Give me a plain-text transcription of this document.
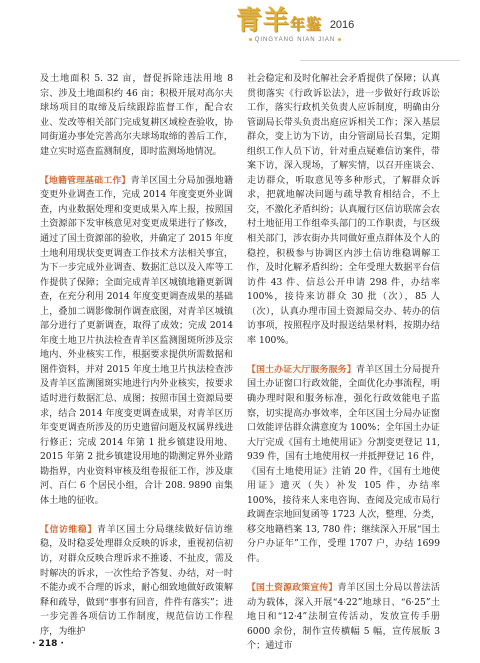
青羊年鉴 2016
QINGYANG NIAN JIAN

及土地面积 5. 32 亩，督促拆除违法用地 8 宗、涉及土地面积约 46 亩；积极开展对高尔夫球场项目的取缔及后续跟踪监督工作，配合农业、发改等相关部门完成复耕区域检查验收，协同街道办事处完善高尔夫球场取缔的善后工作，建立实时巡查监测制度，即时监测场地情况。

【地籍管理基础工作】青羊区国土分局加强地籍变更外业调查工作，完成 2014 年度变更外业调查，内业数据处理和变更成果入库上报，按照国土资源部下发审核意见对变更成果进行了修改，通过了国土资源部的验收，并确定了 2015 年度土地利用现状变更调查工作技术方法相关事宜，为下一步完成外业调查、数据汇总以及入库等工作提供了保障；全面完成青羊区城镇地籍更新调查，在充分利用 2014 年度变更调查成果的基础上，叠加二调影像制作调查底图，对青羊区城镇部分进行了更新调查，取得了成效；完成 2014 年度土地卫片执法检查青羊区监测图斑所涉及宗地内、外业核实工作，根据要求提供所需数据和图件资料，并对 2015 年度土地卫片执法检查涉及青羊区监测图斑实地进行内外业核实，按要求适时进行数据汇总、成图；按照市国土资源局要求，结合 2014 年度变更调查成果，对青羊区历年变更调查所涉及的历史遗留问题及权属界线进行修正；完成 2014 年第 1 批乡镇建设用地、2015 年第 2 批乡镇建设用地的勘测定界外业踏勘指界，内业资料审核及组卷报征工作，涉及康河、百仁 6 个居民小组，合计 208. 9890 亩集体土地的征收。

【信访维稳】青羊区国土分局继续做好信访维稳，及时稳妥处理群众反映的诉求，重视初信初访，对群众反映合理诉求不推诿、不扯皮，需及时解决的诉求，一次性给予答复、办结，对一时不能办或不合理的诉求，耐心细致地做好政策解释和疏导，做到“事事有回音，件件有落实”；进一步完善各项信访工作制度，规范信访工作程序，为维护

社会稳定和及时化解社会矛盾提供了保障；认真贯彻落实《行政诉讼法》，进一步做好行政诉讼工作，落实行政机关负责人应诉制度，明确由分管副局长带头负责出庭应诉相关工作；深入基层群众，变上访为下访，由分管副局长召集，定期组织工作人员下访，针对重点疑难信访案件，带案下访，深入现场，了解实情，以召开座谈会、走访群众，听取意见等多种形式，了解群众诉求，把就地解决问题与疏导教育相结合，不上交，不激化矛盾纠纷；认真履行区信访联席会农村土地征用工作组牵头部门的工作职责，与区级相关部门，涉农街办共同做好重点群体及个人的稳控，积极参与协调区内涉土信访维稳调解工作，及时化解矛盾纠纷；全年受理大数据平台信访件 43 件、信总公开申请 298 件，办结率 100%，接待来访群众 30 批（次），85 人（次），认真办理市国土资源局交办、转办的信访事项，按照程序及时报送结果材料，按期办结率 100%。

【国土办证大厅服务服务】青羊区国土分局提升国土办证窗口行政效能，全面优化办事流程，明确办理时限和服务标准，强化行政效能电子监察，切实提高办事效率，全年区国土分局办证窗口效能评估群众满意度为 100%；全年国土办证大厅完成《国有土地使用证》分割变更登记 11, 939 件，国有土地使用权一并抵押登记 16 件，《国有土地使用证》注销 20 件，《国有土地使用证》遗灭（失）补发 105 件，办结率 100%，接待来人来电咨询、查阅及完成市局行政调查宗地回复函等 1723 人次，整理、分类，移交地籍档案 13, 780 件；继续深入开展“国土分户办证年”工作，受理 1707 户，办结 1699 件。

【国土资源政策宣传】青羊区国土分局以普法活动为载体，深入开展“4·22”地球日、“6·25”土地日和“12·4”法制宣传活动，发放宣传手册 6000 余份，制作宣传横幅 5 幅，宣传展版 3 个；通过市

· 218 ·
